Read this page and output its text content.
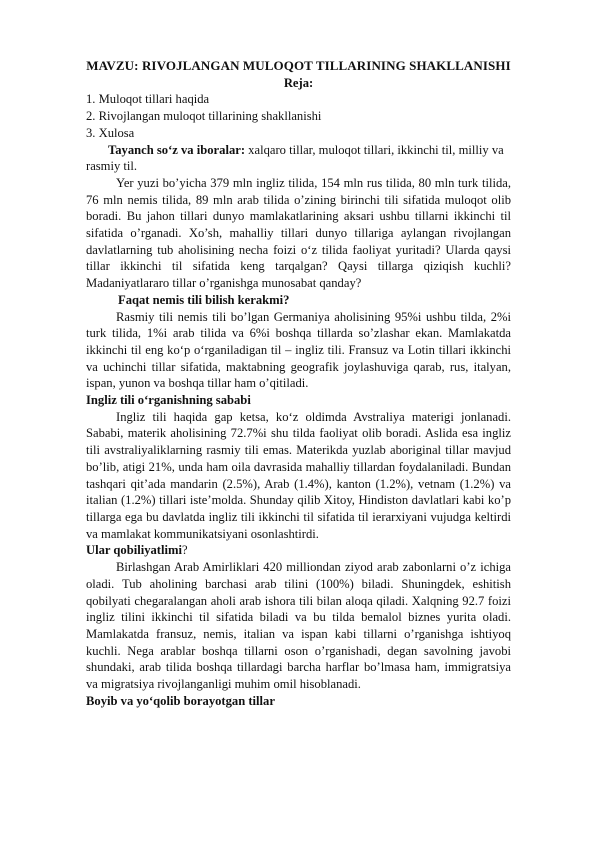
MAVZU: RIVOJLANGAN MULOQOT TILLARINING SHAKLLANISHI
Reja:
1. Muloqot tillari haqida
2. Rivojlangan muloqot tillarining shakllanishi
3. Xulosa
Tayanch so‘z va iboralar: xalqaro tillar, muloqot tillari, ikkinchi til, milliy va rasmiy til.

Yer yuzi bo’yicha 379 mln ingliz tilida, 154 mln rus tilida, 80 mln turk tilida, 76 mln nemis tilida, 89 mln arab tilida o’zining birinchi tili sifatida muloqot olib boradi. Bu jahon tillari dunyo mamlakatlarining aksari ushbu tillarni ikkinchi til sifatida o’rganadi. Xo’sh, mahalliy tillari dunyo tillariga aylangan rivojlangan davlatlarning tub aholisining necha foizi o‘z tilida faoliyat yuritadi? Ularda qaysi tillar ikkinchi til sifatida keng tarqalgan? Qaysi tillarga qiziqish kuchli? Madaniyatlararo tillar o’rganishga munosabat qanday?

Faqat nemis tili bilish kerakmi?

Rasmiy tili nemis tili bo’lgan Germaniya aholisining 95%i ushbu tilda, 2%i turk tilida, 1%i arab tilida va 6%i boshqa tillarda so’zlashar ekan. Mamlakatda ikkinchi til eng ko‘p o‘rganiladigan til – ingliz tili. Fransuz va Lotin tillari ikkinchi va uchinchi tillar sifatida, maktabning geografik joylashuviga qarab, rus, italyan, ispan, yunon va boshqa tillar ham o’qitiladi.

Ingliz tili o‘rganishning sababi

Ingliz tili haqida gap ketsa, ko‘z oldimda Avstraliya materigi jonlanadi. Sababi, materik aholisining 72.7%i shu tilda faoliyat olib boradi. Aslida esa ingliz tili avstraliyaliklarning rasmiy tili emas. Materikda yuzlab aboriginal tillar mavjud bo’lib, atigi 21%, unda ham oila davrasida mahalliy tillardan foydalaniladi. Bundan tashqari qit’ada mandarin (2.5%), Arab (1.4%), kanton (1.2%), vetnam (1.2%) va italian (1.2%) tillari iste’molda. Shunday qilib Xitoy, Hindiston davlatlari kabi ko’p tillarga ega bu davlatda ingliz tili ikkinchi til sifatida til ierarxiyani vujudga keltirdi va mamlakat kommunikatsiyani osonlashtirdi.

Ular qobiliyatlimi?

Birlashgan Arab Amirliklari 420 milliondan ziyod arab zabonlarni o’z ichiga oladi. Tub aholining barchasi arab tilini (100%) biladi. Shuningdek, eshitish qobilyati chegaralangan aholi arab ishora tili bilan aloqa qiladi. Xalqning 92.7 foizi ingliz tilini ikkinchi til sifatida biladi va bu tilda bemalol biznes yurita oladi. Mamlakatda fransuz, nemis, italian va ispan kabi tillarni o’rganishga ishtiyoq kuchli. Nega arablar boshqa tillarni oson o’rganishadi, degan savolning javobi shundaki, arab tilida boshqa tillardagi barcha harflar bo’lmasa ham, immigratsiya va migratsiya rivojlanganligi muhim omil hisoblanadi.

Boyib va yo‘qolib borayotgan tillar
